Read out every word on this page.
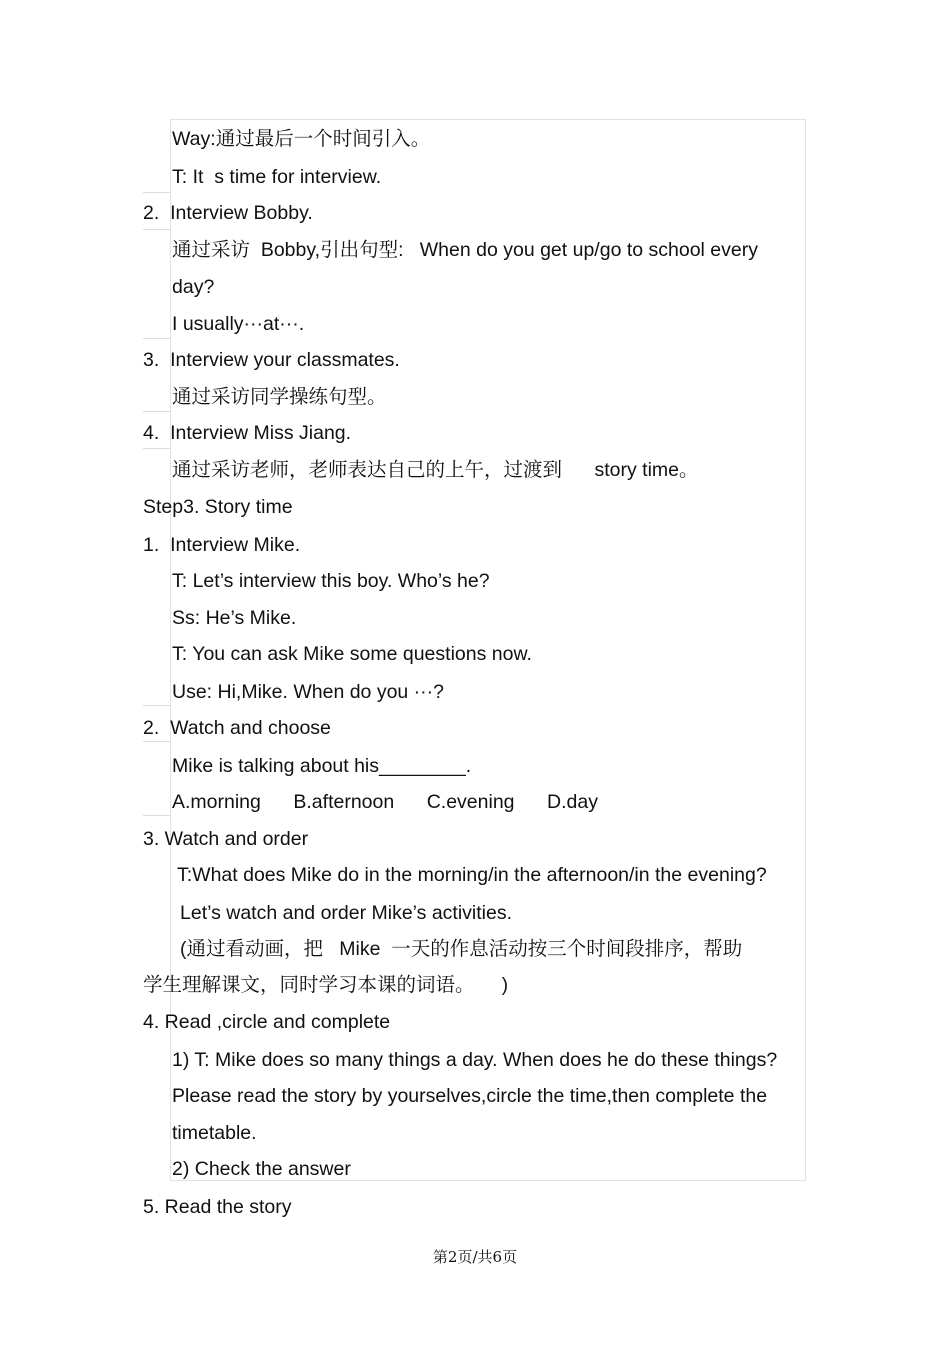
Way:通过最后一个时间引入。
T: It  s time for interview.
2.  Interview Bobby.
通过采访  Bobby,引出句型:   When do you get up/go to school every
day?
I usually···at···.
3.  Interview your classmates.
通过采访同学操练句型。
4.  Interview Miss Jiang.
通过采访老师，老师表达自己的上午，过渡到      story time。
Step3. Story time
1.  Interview Mike.
T: Let’s interview this boy. Who’s he?
Ss: He’s Mike.
T: You can ask Mike some questions now.
Use: Hi,Mike. When do you ···?
2.  Watch and choose
Mike is talking about his________.
A.morning      B.afternoon      C.evening      D.day
3. Watch and order
T:What does Mike do in the morning/in the afternoon/in the evening?
Let’s watch and order Mike’s activities.
(通过看动画，把   Mike  一天的作息活动按三个时间段排序，帮助
学生理解课文，同时学习本课的词语。     )
4. Read ,circle and complete
1) T: Mike does so many things a day. When does he do these things?
Please read the story by yourselves,circle the time,then complete the
timetable.
2) Check the answer
5. Read the story
第2页/共6页
